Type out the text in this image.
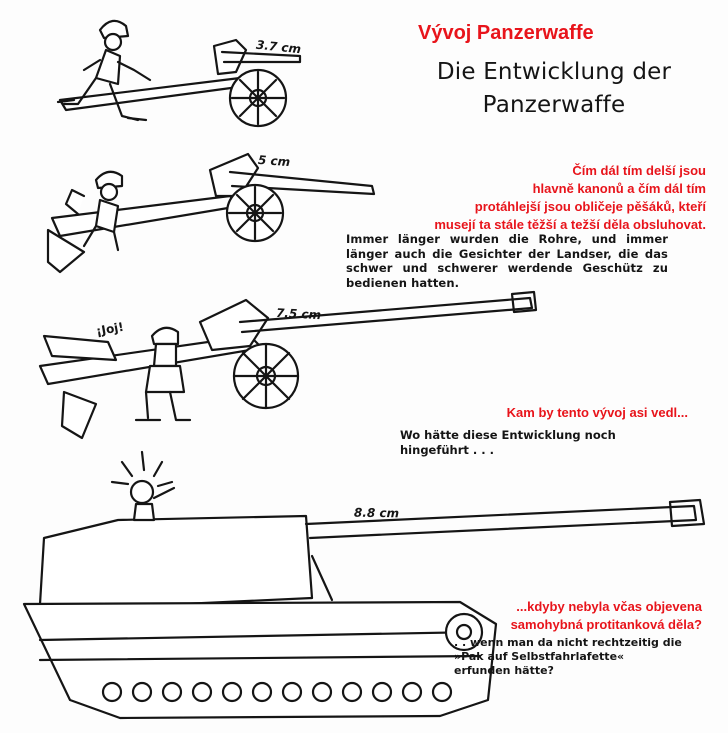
Vývoj Panzerwaffe
Čím dál tím delší jsou
hlavně kanonů a čím dál tím
protáhlejší jsou obličeje pěšáků, kteří
musejí ta stále těžší a težší děla obsluhovat.
Kam by tento vývoj asi vedl...
...kdyby nebyla včas objevena
samohybná protitanková děla?
Die Entwicklung der
Panzerwaffe
Immer länger wurden die Rohre, und immer länger auch die Gesichter der Landser, die das schwer und schwerer werdende Geschütz zu bedienen hatten.
Wo hätte diese Entwicklung noch hingeführt . . .
. . wenn man da nicht rechtzeitig die »Pak auf Selbstfahrlafette« erfunden hätte?
3.7 cm
5 cm
7.5 cm
8.8 cm
¡Joj!
